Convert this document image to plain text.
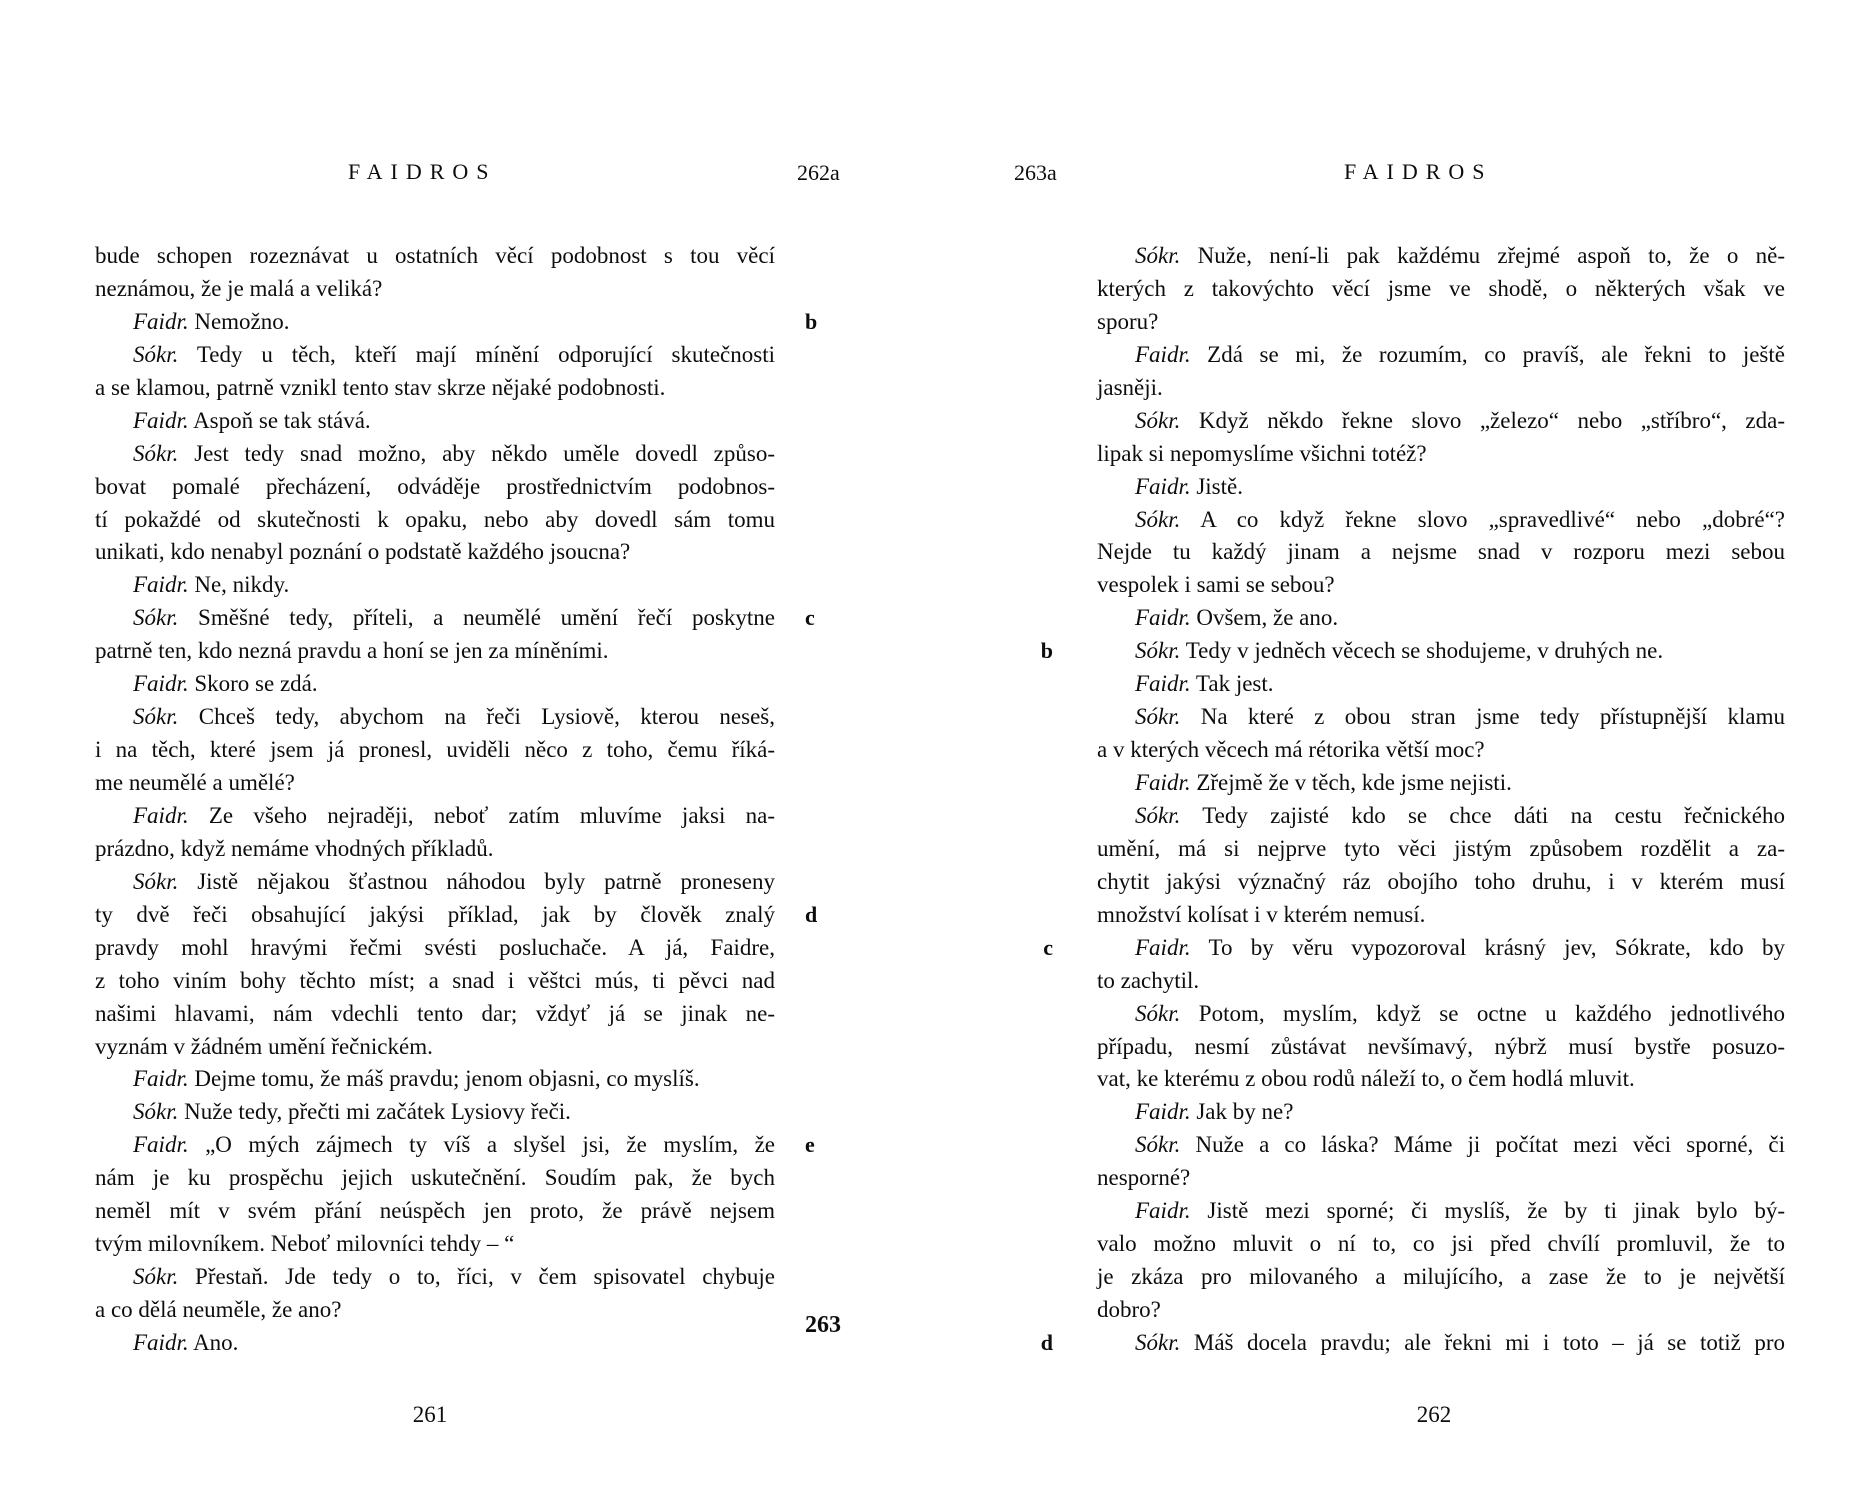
FAIDROS	262a	263a	FAIDROS
bude schopen rozeznávat u ostatních věcí podobnost s tou věcí
neznámou, že je malá a veliká?
Faidr. Nemožno.	b
Sókr. Tedy u těch, kteří mají mínění odporující skutečnosti
a se klamou, patrně vznikl tento stav skrze nějaké podobnosti.
Faidr. Aspoň se tak stává.
Sókr. Jest tedy snad možno, aby někdo uměle dovedl způso-
bovat pomalé přecházení, odváděje prostřednictvím podobnos-
tí pokaždé od skutečnosti k opaku, nebo aby dovedl sám tomu
unikati, kdo nenabyl poznání o podstatě každého jsoucna?
Faidr. Ne, nikdy.
Sókr. Směšné tedy, příteli, a neumělé umění řečí poskytne c
patrně ten, kdo nezná pravdu a honí se jen za míněními.
Faidr. Skoro se zdá.
Sókr. Chceš tedy, abychom na řeči Lysiově, kterou neseš,
i na těch, které jsem já pronesl, uviděli něco z toho, čemu říká-
me neumělé a umělé?
Faidr. Ze všeho nejraději, neboť zatím mluvíme jaksi na-
prázdno, když nemáme vhodných příkladů.
Sókr. Jistě nějakou šťastnou náhodou byly patrně proneseny
ty dvě řeči obsahující jakýsi příklad, jak by člověk znalý d
pravdy mohl hravými řečmi svésti posluchače. A já, Faidre,
z toho viním bohy těchto míst; a snad i věštci mús, ti pěvci nad
našimi hlavami, nám vdechli tento dar; vždyť já se jinak ne-
vyznám v žádném umění řečnickém.
Faidr. Dejme tomu, že máš pravdu; jenom objasni, co myslíš.
Sókr. Nuže tedy, přečti mi začátek Lysiovy řeči.
Faidr. „O mých zájmech ty víš a slyšel jsi, že myslím, že e
nám je ku prospěchu jejich uskutečnění. Soudím pak, že bych
neměl mít v svém přání neúspěch jen proto, že právě nejsem
tvým milovníkem. Neboť milovníci tehdy – “
Sókr. Přestaň. Jde tedy o to, říci, v čem spisovatel chybuje
a co dělá neuměle, že ano?
263
Faidr. Ano.
Sókr. Nuže, není-li pak každému zřejmé aspoň to, že o ně-
kterých z takovýchto věcí jsme ve shodě, o některých však ve
sporu?
Faidr. Zdá se mi, že rozumím, co pravíš, ale řekni to ještě
jasněji.
Sókr. Když někdo řekne slovo „železo“ nebo „stříbro“, zda-
lipak si nepomyslíme všichni totéž?
Faidr. Jistě.
Sókr. A co když řekne slovo „spravedlivé“ nebo „dobré“?
Nejde tu každý jinam a nejsme snad v rozporu mezi sebou
vespolek i sami se sebou?
Faidr. Ovšem, že ano.
Sókr. Tedy v jedněch věcech se shodujeme, v druhých ne.
b
Faidr. Tak jest.
Sókr. Na které z obou stran jsme tedy přístupnější klamu
a v kterých věcech má rétorika větší moc?
Faidr. Zřejmě že v těch, kde jsme nejisti.
Sókr. Tedy zajisté kdo se chce dáti na cestu řečnického
umění, má si nejprve tyto věci jistým způsobem rozdělit a za-
chytit jakýsi význačný ráz obojího toho druhu, i v kterém musí
množství kolísat i v kterém nemusí.
Faidr. To by věru vypozoroval krásný jev, Sókrate, kdo by
c
to zachytil.
Sókr. Potom, myslím, když se octne u každého jednotlivého
případu, nesmí zůstávat nevšímavý, nýbrž musí bystře posuzo-
vat, ke kterému z obou rodů náleží to, o čem hodlá mluvit.
Faidr. Jak by ne?
Sókr. Nuže a co láska? Máme ji počítat mezi věci sporné, či
nesporné?
Faidr. Jistě mezi sporné; či myslíš, že by ti jinak bylo bý-
valo možno mluvit o ní to, co jsi před chvílí promluvil, že to
je zkáza pro milovaného a milujícího, a zase že to je největší
dobro?
Sókr. Máš docela pravdu; ale řekni mi i toto – já se totiž pro
d
261	262
